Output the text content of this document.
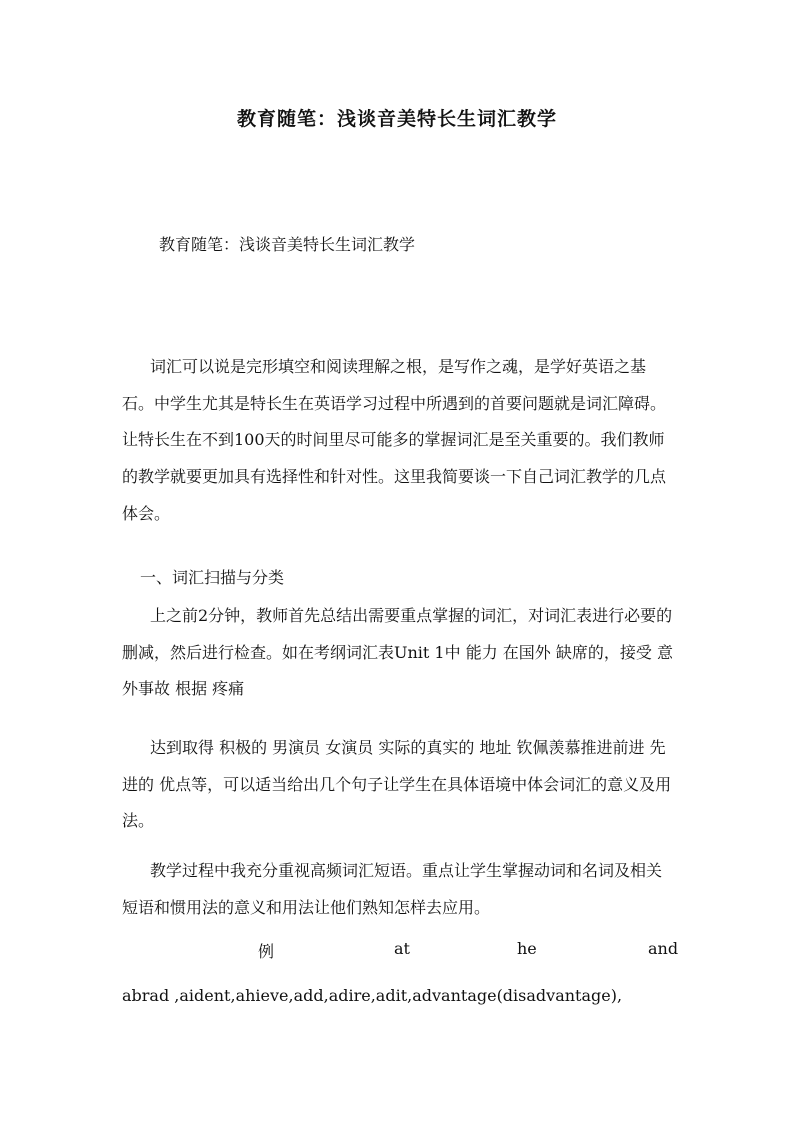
教育随笔：浅谈音美特长生词汇教学
教育随笔：浅谈音美特长生词汇教学

词汇可以说是完形填空和阅读理解之根，是写作之魂，是学好英语之基石。中学生尤其是特长生在英语学习过程中所遇到的首要问题就是词汇障碍。让特长生在不到100天的时间里尽可能多的掌握词汇是至关重要的。我们教师的教学就要更加具有选择性和针对性。这里我简要谈一下自己词汇教学的几点体会。

一、词汇扫描与分类

上之前2分钟，教师首先总结出需要重点掌握的词汇，对词汇表进行必要的删减，然后进行检查。如在考纲词汇表Unit 1中 能力 在国外 缺席的，接受 意外事故 根据 疼痛

达到取得 积极的 男演员 女演员 实际的真实的 地址 钦佩羡慕推进前进 先进的 优点等，可以适当给出几个句子让学生在具体语境中体会词汇的意义及用法。

教学过程中我充分重视高频词汇短语。重点让学生掌握动词和名词及相关短语和惯用法的意义和用法让他们熟知怎样去应用。

例	at	he	and
abrad ,aident,ahieve,add,adire,adit,advantage(disadvantage),
